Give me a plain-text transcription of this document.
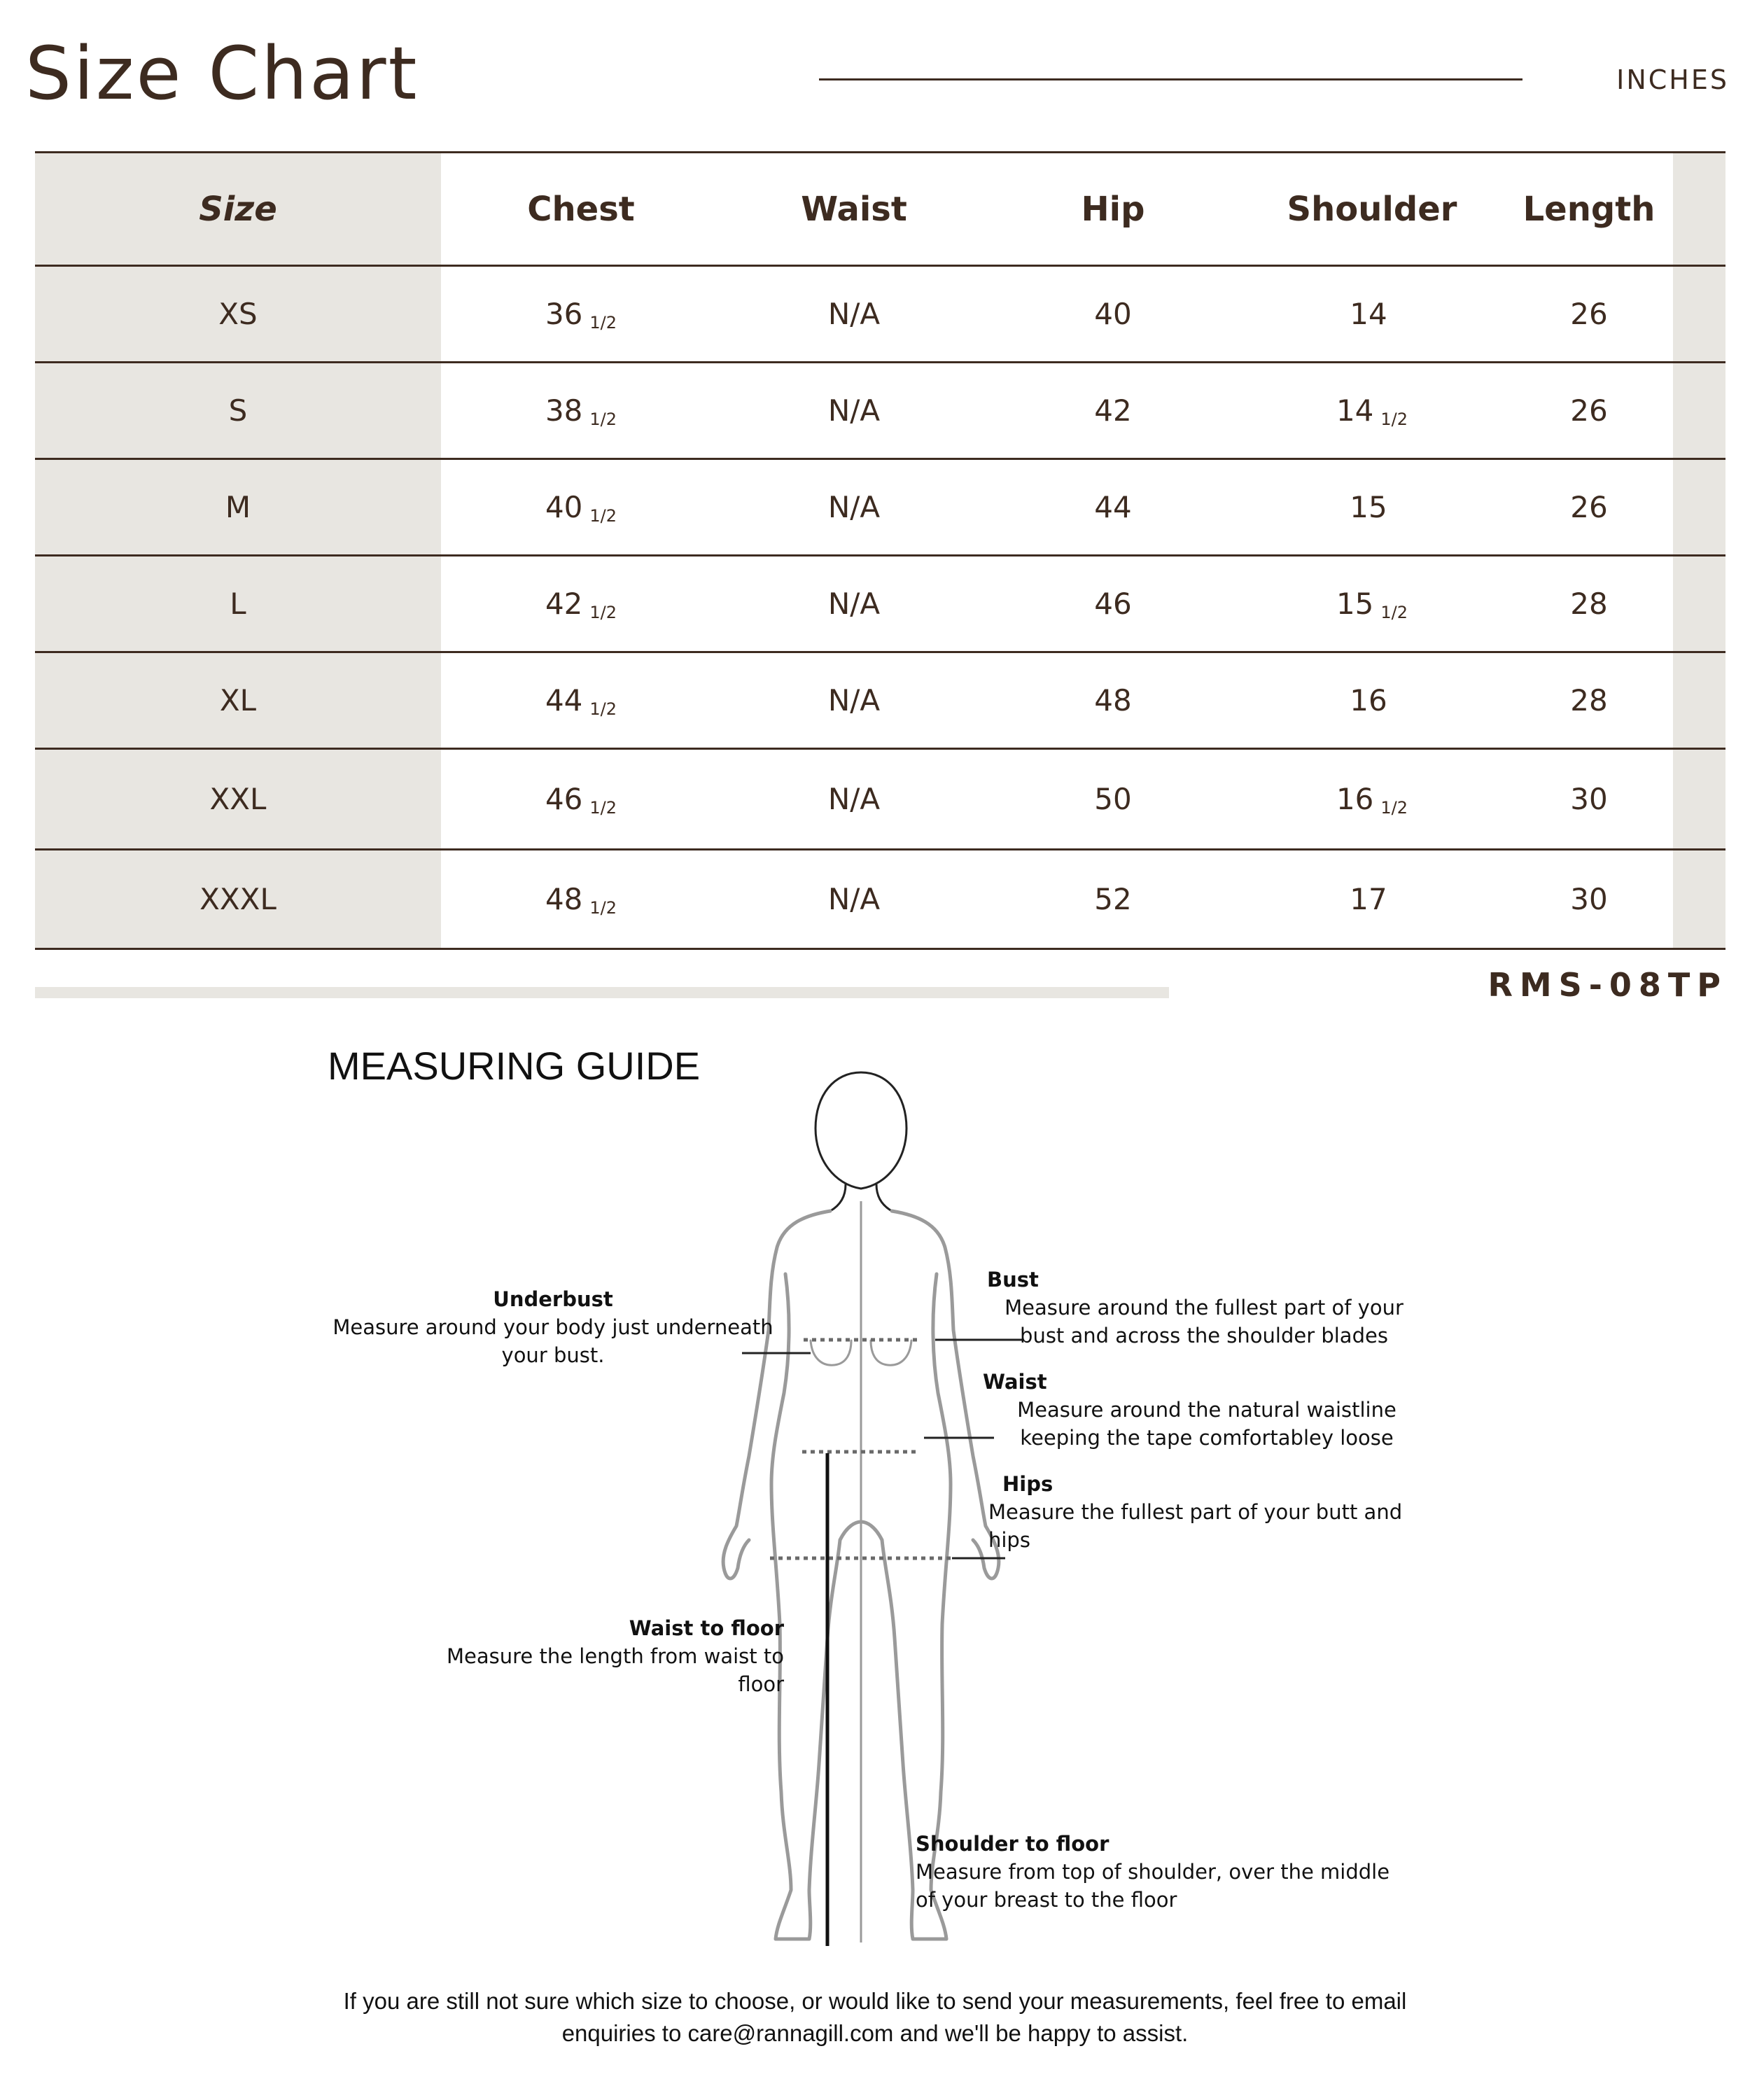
Size Chart	INCHES
Size	Chest	Waist	Hip	Shoulder	Length
XS	36 1/2	N/A	40	14	26
S	38 1/2	N/A	42	14 1/2	26
M	40 1/2	N/A	44	15	26
L	42 1/2	N/A	46	15 1/2	28
XL	44 1/2	N/A	48	16	28
XXL	46 1/2	N/A	50	16 1/2	30
XXXL	48 1/2	N/A	52	17	30
RMS-08TP
MEASURING GUIDE
Underbust
Measure around your body just underneath your bust.
Bust
Measure around the fullest part of your bust and across the shoulder blades
Waist
Measure around the natural waistline keeping the tape comfortabley loose
Hips
Measure the fullest part of your butt and hips
Waist to floor
Measure the length from waist to floor
Shoulder to floor
Measure from top of shoulder, over the middle of your breast to the floor
If you are still not sure which size to choose, or would like to send your measurements, feel free to email
enquiries to care@rannagill.com and we'll be happy to assist.
